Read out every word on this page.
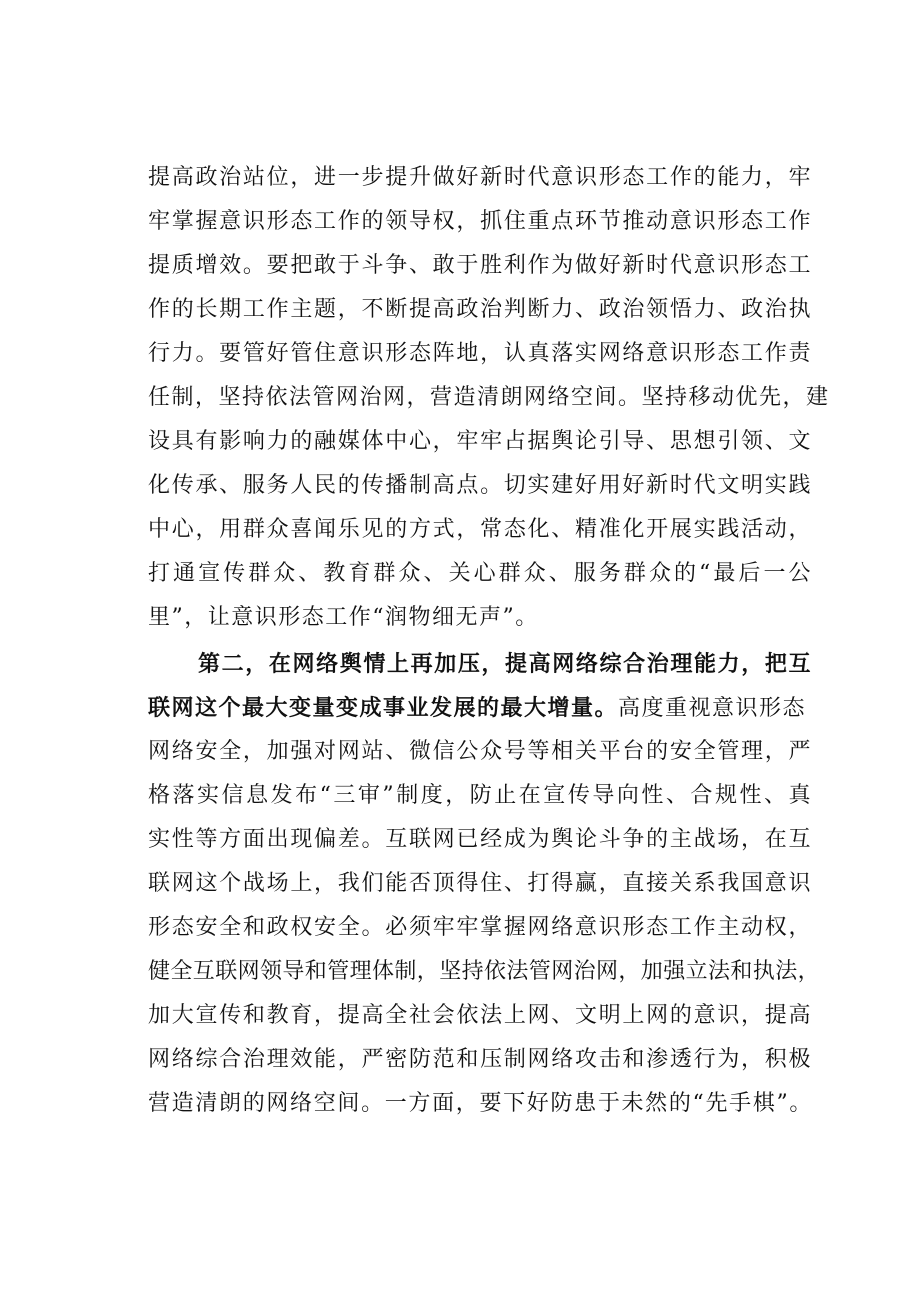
提高政治站位，进一步提升做好新时代意识形态工作的能力，牢
牢掌握意识形态工作的领导权，抓住重点环节推动意识形态工作
提质增效。要把敢于斗争、敢于胜利作为做好新时代意识形态工
作的长期工作主题，不断提高政治判断力、政治领悟力、政治执
行力。要管好管住意识形态阵地，认真落实网络意识形态工作责
任制，坚持依法管网治网，营造清朗网络空间。坚持移动优先，建
设具有影响力的融媒体中心，牢牢占据舆论引导、思想引领、文
化传承、服务人民的传播制高点。切实建好用好新时代文明实践
中心，用群众喜闻乐见的方式，常态化、精准化开展实践活动，
打通宣传群众、教育群众、关心群众、服务群众的“最后一公
里”，让意识形态工作“润物细无声”。
第二，在网络舆情上再加压，提高网络综合治理能力，把互
联网这个最大变量变成事业发展的最大增量。高度重视意识形态
网络安全，加强对网站、微信公众号等相关平台的安全管理，严
格落实信息发布“三审”制度，防止在宣传导向性、合规性、真
实性等方面出现偏差。互联网已经成为舆论斗争的主战场，在互
联网这个战场上，我们能否顶得住、打得赢，直接关系我国意识
形态安全和政权安全。必须牢牢掌握网络意识形态工作主动权，
健全互联网领导和管理体制，坚持依法管网治网，加强立法和执法，
加大宣传和教育，提高全社会依法上网、文明上网的意识，提高
网络综合治理效能，严密防范和压制网络攻击和渗透行为，积极
营造清朗的网络空间。一方面，要下好防患于未然的“先手棋”。
